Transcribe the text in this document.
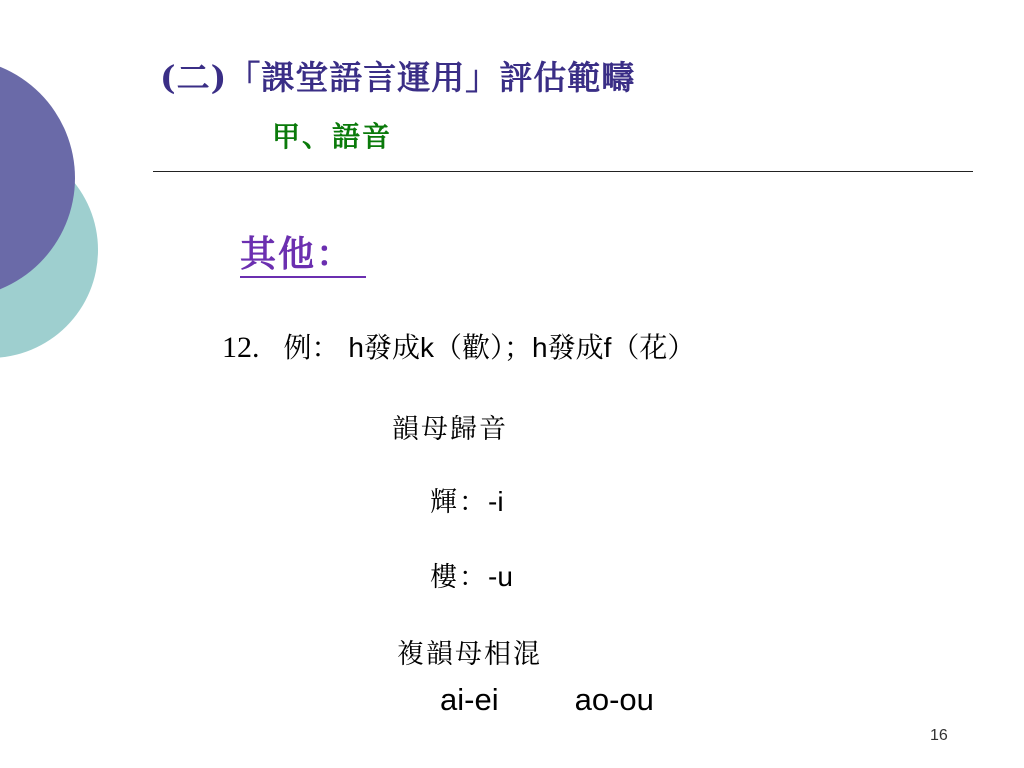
(二)「課堂語言運用」評估範疇
甲、語音
其他：
12. 例： h發成k（歡）；h發成f（花）
韻母歸音
輝：-i
樓：-u
複韻母相混
ai-ei ao-ou
16
